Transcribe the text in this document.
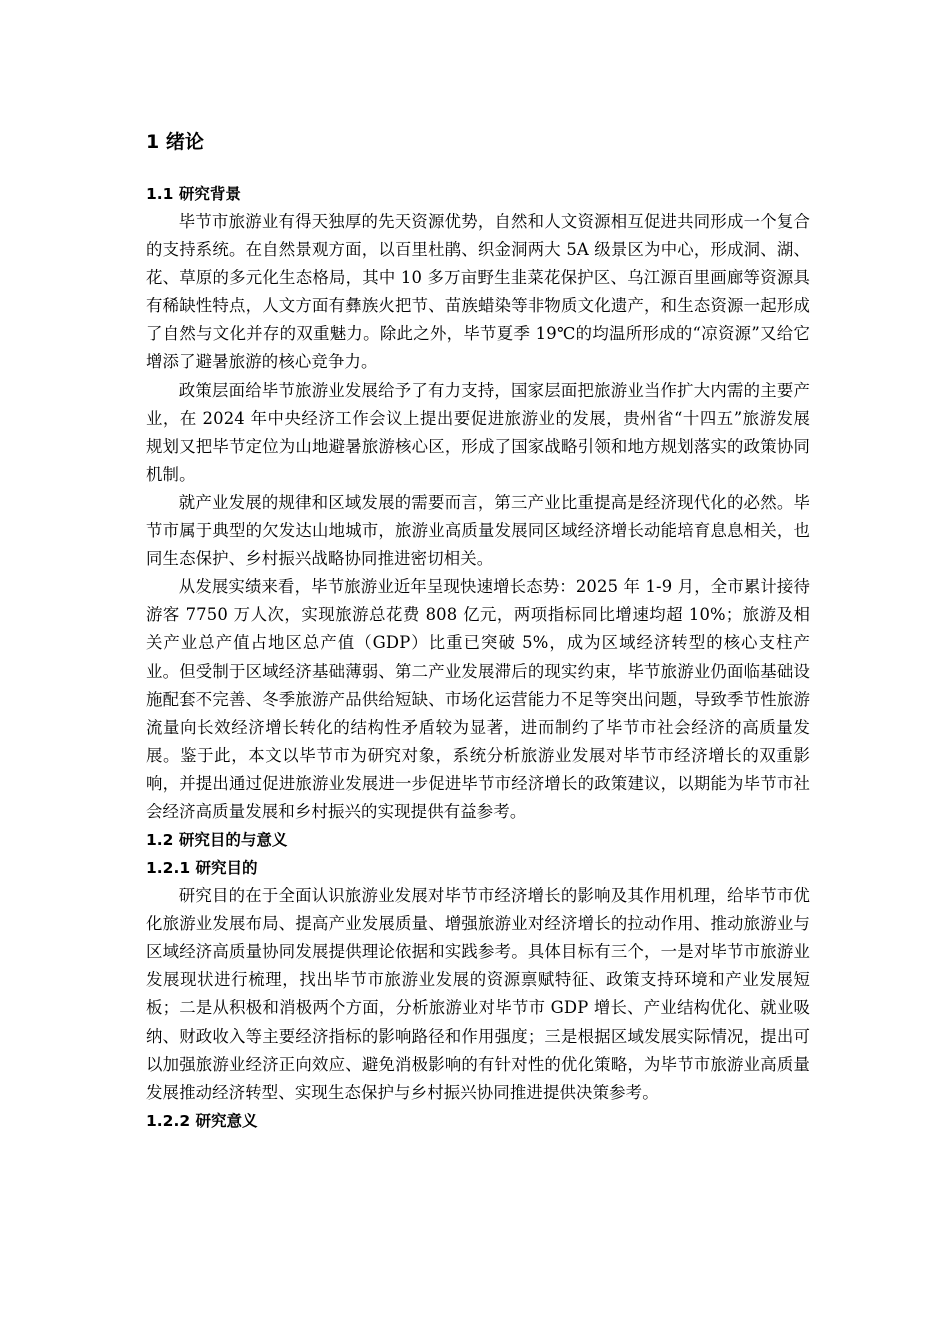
1 绪论
1.1 研究背景

毕节市旅游业有得天独厚的先天资源优势，自然和人文资源相互促进共同形成一个复合的支持系统。在自然景观方面，以百里杜鹃、织金洞两大 5A 级景区为中心，形成洞、湖、花、草原的多元化生态格局，其中 10 多万亩野生韭菜花保护区、乌江源百里画廊等资源具有稀缺性特点，人文方面有彝族火把节、苗族蜡染等非物质文化遗产，和生态资源一起形成了自然与文化并存的双重魅力。除此之外，毕节夏季 19℃的均温所形成的“凉资源”又给它增添了避暑旅游的核心竞争力。

政策层面给毕节旅游业发展给予了有力支持，国家层面把旅游业当作扩大内需的主要产业，在 2024 年中央经济工作会议上提出要促进旅游业的发展，贵州省“十四五”旅游发展规划又把毕节定位为山地避暑旅游核心区，形成了国家战略引领和地方规划落实的政策协同机制。

就产业发展的规律和区域发展的需要而言，第三产业比重提高是经济现代化的必然。毕节市属于典型的欠发达山地城市，旅游业高质量发展同区域经济增长动能培育息息相关，也同生态保护、乡村振兴战略协同推进密切相关。

从发展实绩来看，毕节旅游业近年呈现快速增长态势：2025 年 1-9 月，全市累计接待游客 7750 万人次，实现旅游总花费 808 亿元，两项指标同比增速均超 10%；旅游及相关产业总产值占地区总产值（GDP）比重已突破 5%，成为区域经济转型的核心支柱产业。但受制于区域经济基础薄弱、第二产业发展滞后的现实约束，毕节旅游业仍面临基础设施配套不完善、冬季旅游产品供给短缺、市场化运营能力不足等突出问题，导致季节性旅游流量向长效经济增长转化的结构性矛盾较为显著，进而制约了毕节市社会经济的高质量发展。鉴于此，本文以毕节市为研究对象，系统分析旅游业发展对毕节市经济增长的双重影响，并提出通过促进旅游业发展进一步促进毕节市经济增长的政策建议，以期能为毕节市社会经济高质量发展和乡村振兴的实现提供有益参考。

1.2 研究目的与意义
1.2.1 研究目的

研究目的在于全面认识旅游业发展对毕节市经济增长的影响及其作用机理，给毕节市优化旅游业发展布局、提高产业发展质量、增强旅游业对经济增长的拉动作用、推动旅游业与区域经济高质量协同发展提供理论依据和实践参考。具体目标有三个，一是对毕节市旅游业发展现状进行梳理，找出毕节市旅游业发展的资源禀赋特征、政策支持环境和产业发展短板；二是从积极和消极两个方面，分析旅游业对毕节市 GDP 增长、产业结构优化、就业吸纳、财政收入等主要经济指标的影响路径和作用强度；三是根据区域发展实际情况，提出可以加强旅游业经济正向效应、避免消极影响的有针对性的优化策略，为毕节市旅游业高质量发展推动经济转型、实现生态保护与乡村振兴协同推进提供决策参考。

1.2.2 研究意义
